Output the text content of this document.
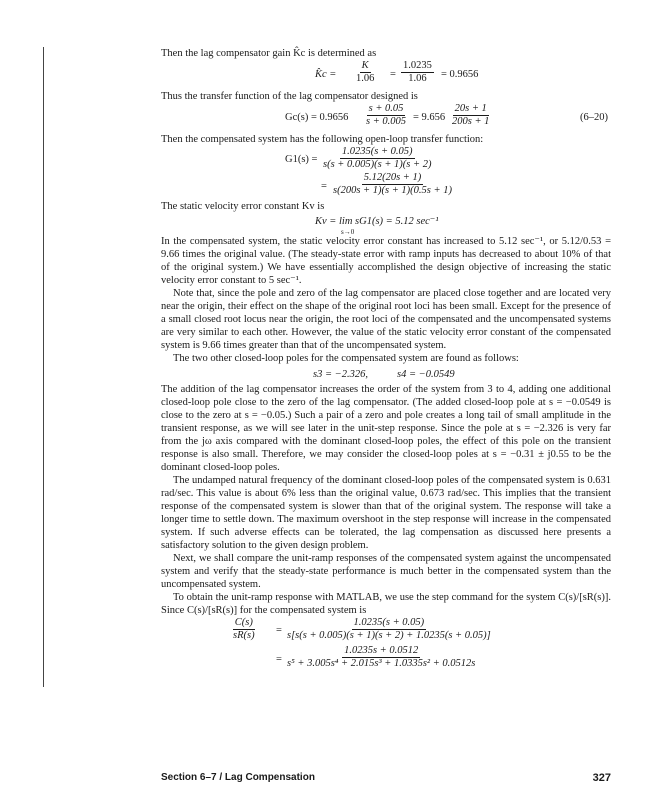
Then the lag compensator gain K̂c is determined as

K̂c = $\frac{K}{1.06} = \frac{1.0235}{1.06} = 0.9656$

Thus the transfer function of the lag compensator designed is

$Gc(s) = 0.9656 \frac{s + 0.05}{s + 0.005} = 9.656 \frac{20s + 1}{200s + 1}$	(6–20)

Then the compensated system has the following open-loop transfer function:

$G1(s) = \frac{1.0235(s + 0.05)}{s(s + 0.005)(s + 1)(s + 2)}$
= $\frac{5.12(20s + 1)}{s(200s + 1)(s + 1)(0.5s + 1)}$

The static velocity error constant Kv is

Kv = lim sG1(s) = 5.12 sec⁻¹
s→0

In the compensated system, the static velocity error constant has increased to 5.12 sec⁻¹, or 5.12/0.53 = 9.66 times the original value. (The steady-state error with ramp inputs has decreased to about 10% of that of the original system.) We have essentially accomplished the design objective of increasing the static velocity error constant to 5 sec⁻¹.

Note that, since the pole and zero of the lag compensator are placed close together and are located very near the origin, their effect on the shape of the original root loci has been small. Except for the presence of a small closed root locus near the origin, the root loci of the compensated and the uncompensated systems are very similar to each other. However, the value of the static velocity error constant of the compensated system is 9.66 times greater than that of the uncompensated system.

The two other closed-loop poles for the compensated system are found as follows:

s3 = −2.326,	s4 = −0.0549

The addition of the lag compensator increases the order of the system from 3 to 4, adding one additional closed-loop pole close to the zero of the lag compensator. (The added closed-loop pole at s = −0.0549 is close to the zero at s = −0.05.) Such a pair of a zero and pole creates a long tail of small amplitude in the transient response, as we will see later in the unit-step response. Since the pole at s = −2.326 is very far from the jω axis compared with the dominant closed-loop poles, the effect of this pole on the transient response is also small. Therefore, we may consider the closed-loop poles at s = −0.31 ± j0.55 to be the dominant closed-loop poles.

The undamped natural frequency of the dominant closed-loop poles of the compensated system is 0.631 rad/sec. This value is about 6% less than the original value, 0.673 rad/sec. This implies that the transient response of the compensated system is slower than that of the original system. The response will take a longer time to settle down. The maximum overshoot in the step response will increase in the compensated system. If such adverse effects can be tolerated, the lag compensation as discussed here presents a satisfactory solution to the given design problem.

Next, we shall compare the unit-ramp responses of the compensated system against the uncompensated system and verify that the steady-state performance is much better in the compensated system than the uncompensated system.

To obtain the unit-ramp response with MATLAB, we use the step command for the system C(s)/[sR(s)]. Since C(s)/[sR(s)] for the compensated system is

$\frac{C(s)}{sR(s)} = \frac{1.0235(s + 0.05)}{s[s(s + 0.005)(s + 1)(s + 2) + 1.0235(s + 0.05)]}$
= $\frac{1.0235s + 0.0512}{\text{s⁵ + 3.005s⁴ + 2.015s³ + 1.0335s² + 0.0512s}}$
Section 6–7 / Lag Compensation	327
